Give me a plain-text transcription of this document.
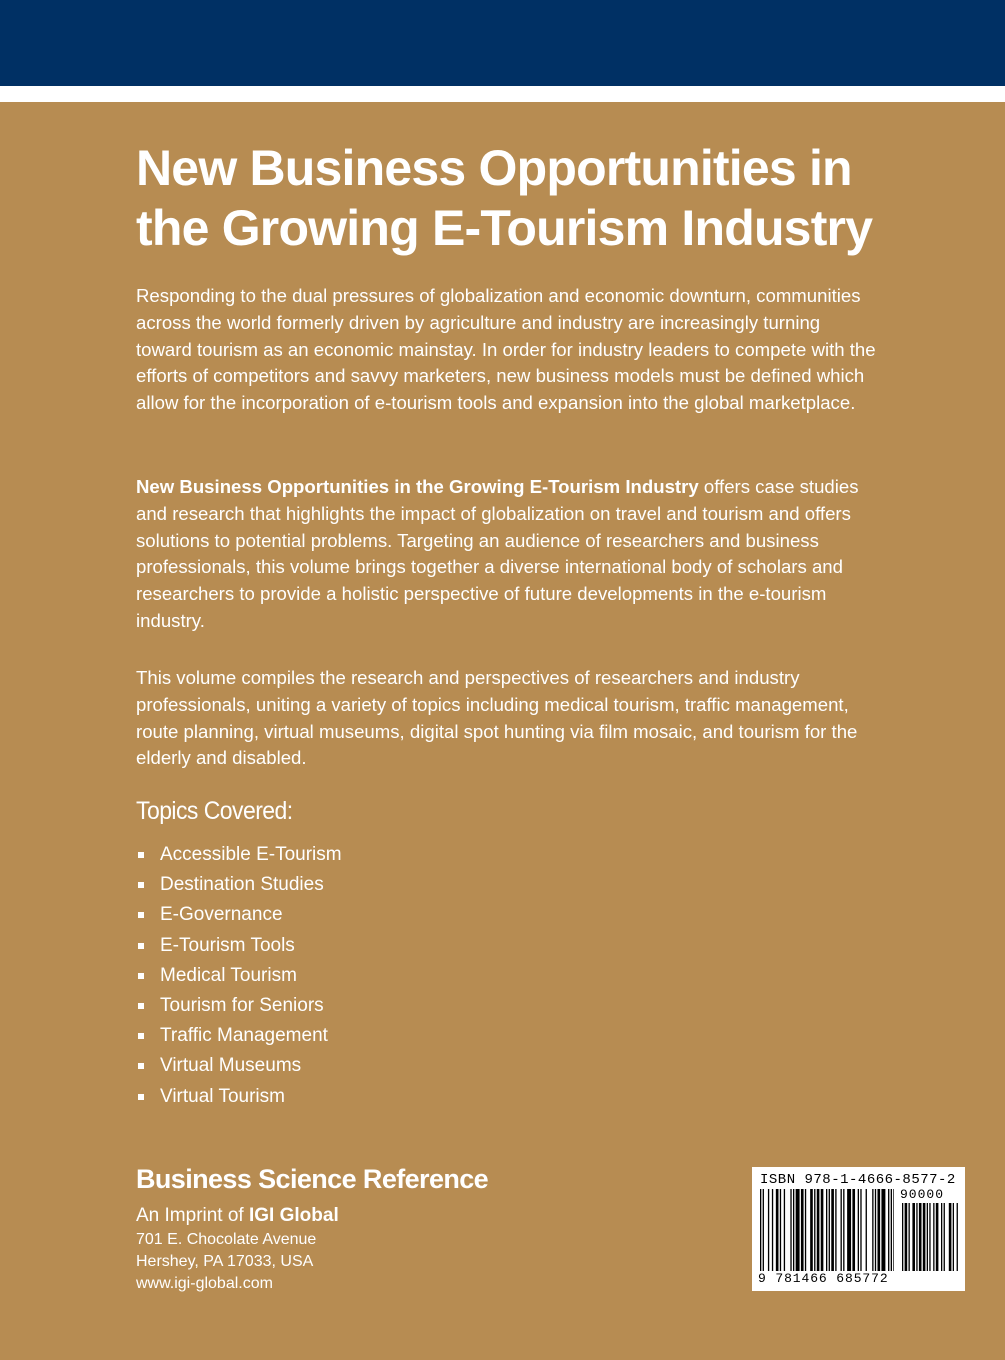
New Business Opportunities in
the Growing E-Tourism Industry

Responding to the dual pressures of globalization and economic downturn, communities across the world formerly driven by agriculture and industry are increasingly turning toward tourism as an economic mainstay. In order for industry leaders to compete with the efforts of competitors and savvy marketers, new business models must be defined which allow for the incorporation of e-tourism tools and expansion into the global marketplace.

New Business Opportunities in the Growing E-Tourism Industry offers case studies and research that highlights the impact of globalization on travel and tourism and offers solutions to potential problems. Targeting an audience of researchers and business professionals, this volume brings together a diverse international body of scholars and researchers to provide a holistic perspective of future developments in the e-tourism industry.

This volume compiles the research and perspectives of researchers and industry professionals, uniting a variety of topics including medical tourism, traffic management, route planning, virtual museums, digital spot hunting via film mosaic, and tourism for the elderly and disabled.

Topics Covered:
Accessible E-Tourism
Destination Studies
E-Governance
E-Tourism Tools
Medical Tourism
Tourism for Seniors
Traffic Management
Virtual Museums
Virtual Tourism
Business Science Reference

An Imprint of IGI Global

701 E. Chocolate Avenue

Hershey, PA 17033, USA

www.igi-global.com

ISBN 978-1-4666-8577-2

90000

9 781466 685772
